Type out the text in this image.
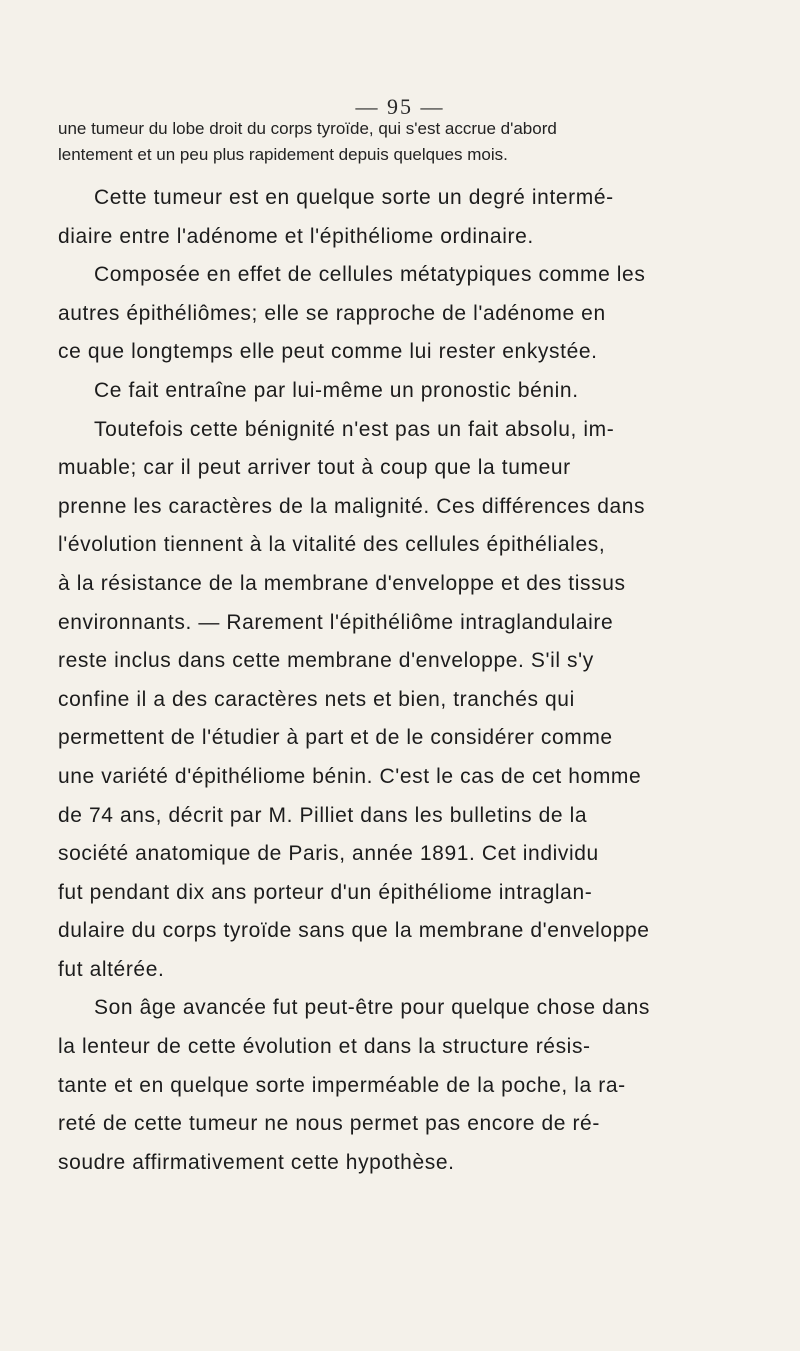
— 95 —
une tumeur du lobe droit du corps tyroïde, qui s'est accrue d'abord
lentement et un peu plus rapidement depuis quelques mois.
Cette tumeur est en quelque sorte un degré intermé-
diaire entre l'adénome et l'épithéliome ordinaire.
Composée en effet de cellules métatypiques comme les
autres épithéliômes; elle se rapproche de l'adénome en
ce que longtemps elle peut comme lui rester enkystée.
Ce fait entraîne par lui-même un pronostic bénin.
Toutefois cette bénignité n'est pas un fait absolu, im-
muable; car il peut arriver tout à coup que la tumeur
prenne les caractères de la malignité. Ces différences dans
l'évolution tiennent à la vitalité des cellules épithéliales,
à la résistance de la membrane d'enveloppe et des tissus
environnants. — Rarement l'épithéliôme intraglandulaire
reste inclus dans cette membrane d'enveloppe. S'il s'y
confine il a des caractères nets et bien, tranchés qui
permettent de l'étudier à part et de le considérer comme
une variété d'épithéliome bénin. C'est le cas de cet homme
de 74 ans, décrit par M. Pilliet dans les bulletins de la
société anatomique de Paris, année 1891. Cet individu
fut pendant dix ans porteur d'un épithéliome intraglan-
dulaire du corps tyroïde sans que la membrane d'enveloppe
fut altérée.
Son âge avancée fut peut-être pour quelque chose dans
la lenteur de cette évolution et dans la structure résis-
tante et en quelque sorte imperméable de la poche, la ra-
reté de cette tumeur ne nous permet pas encore de ré-
soudre affirmativement cette hypothèse.
